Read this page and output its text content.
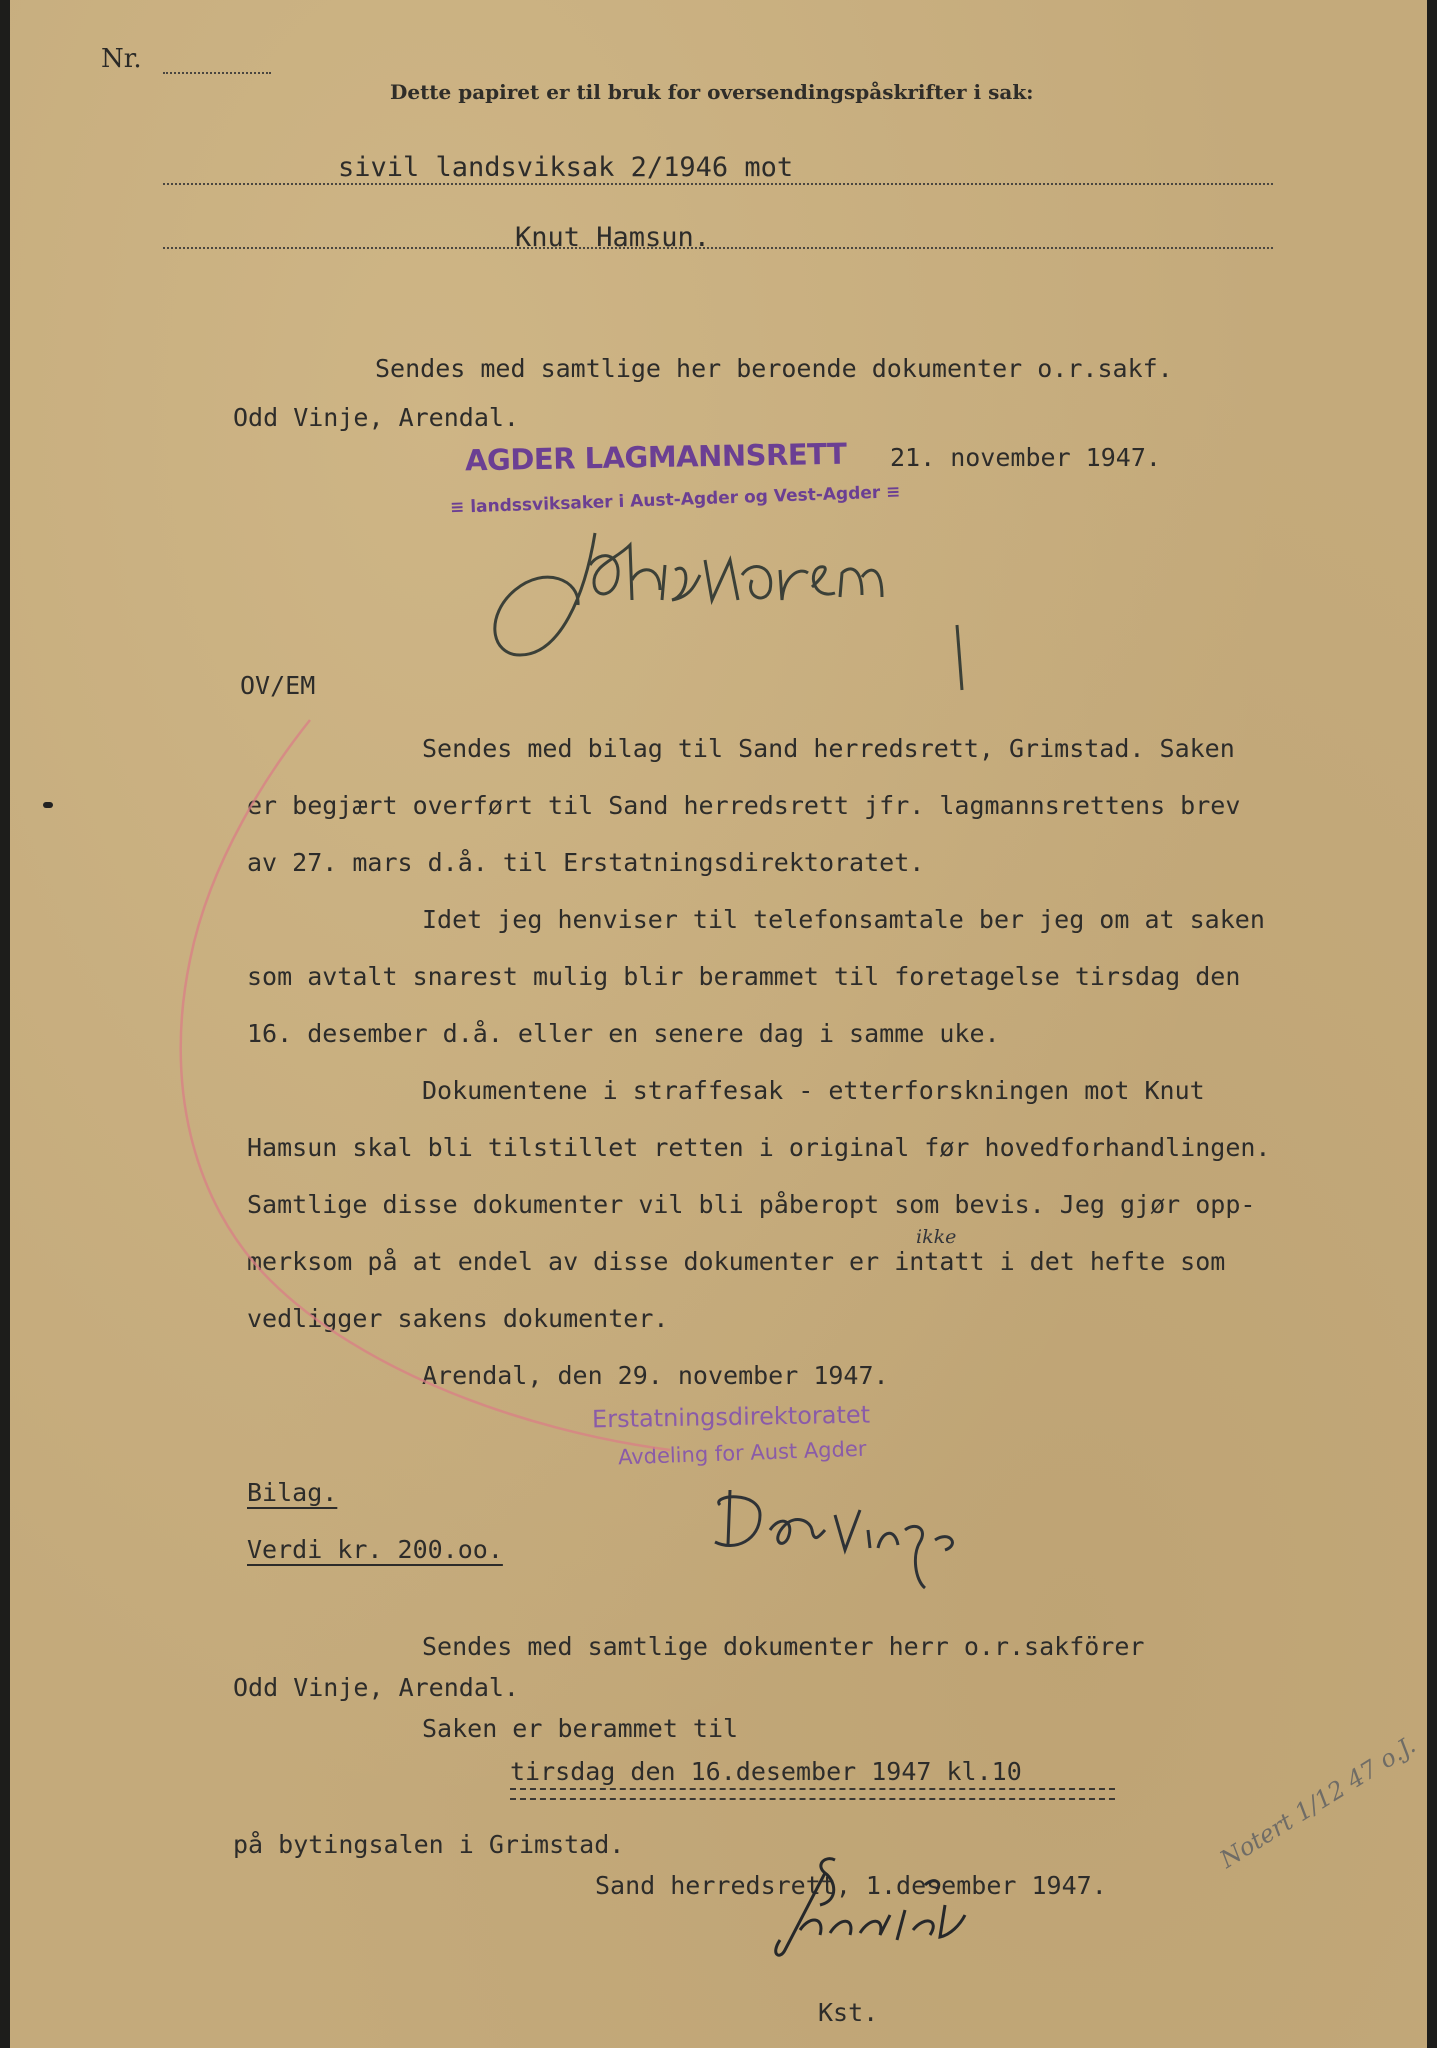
Nr.
Dette papiret er til bruk for oversendingspåskrifter i sak:
sivil landsviksak 2/1946 mot
Knut Hamsun.
Sendes med samtlige her beroende dokumenter o.r.sakf.
Odd Vinje, Arendal.
AGDER LAGMANNSRETT 21. november 1947.
≡ landssviksaker i Aust-Agder og Vest-Agder ≡
OV/EM
Sendes med bilag til Sand herredsrett, Grimstad. Saken
er begjært overført til Sand herredsrett jfr. lagmannsrettens brev
av 27. mars d.å. til Erstatningsdirektoratet.
Idet jeg henviser til telefonsamtale ber jeg om at saken
som avtalt snarest mulig blir berammet til foretagelse tirsdag den
16. desember d.å. eller en senere dag i samme uke.
Dokumentene i straffesak - etterforskningen mot Knut
Hamsun skal bli tilstillet retten i original før hovedforhandlingen.
Samtlige disse dokumenter vil bli påberopt som bevis. Jeg gjør opp-
ikke
merksom på at endel av disse dokumenter er intatt i det hefte som
vedligger sakens dokumenter.
Arendal, den 29. november 1947.
Erstatningsdirektoratet
Avdeling for Aust Agder
Bilag.
Verdi kr. 200.oo.
Sendes med samtlige dokumenter herr o.r.sakförer
Odd Vinje, Arendal.
Saken er berammet til
tirsdag den 16.desember 1947 kl.10
på bytingsalen i Grimstad.
Sand herredsrett, 1.desember 1947.
Kst.
Notert 1/12 47 o.J.
